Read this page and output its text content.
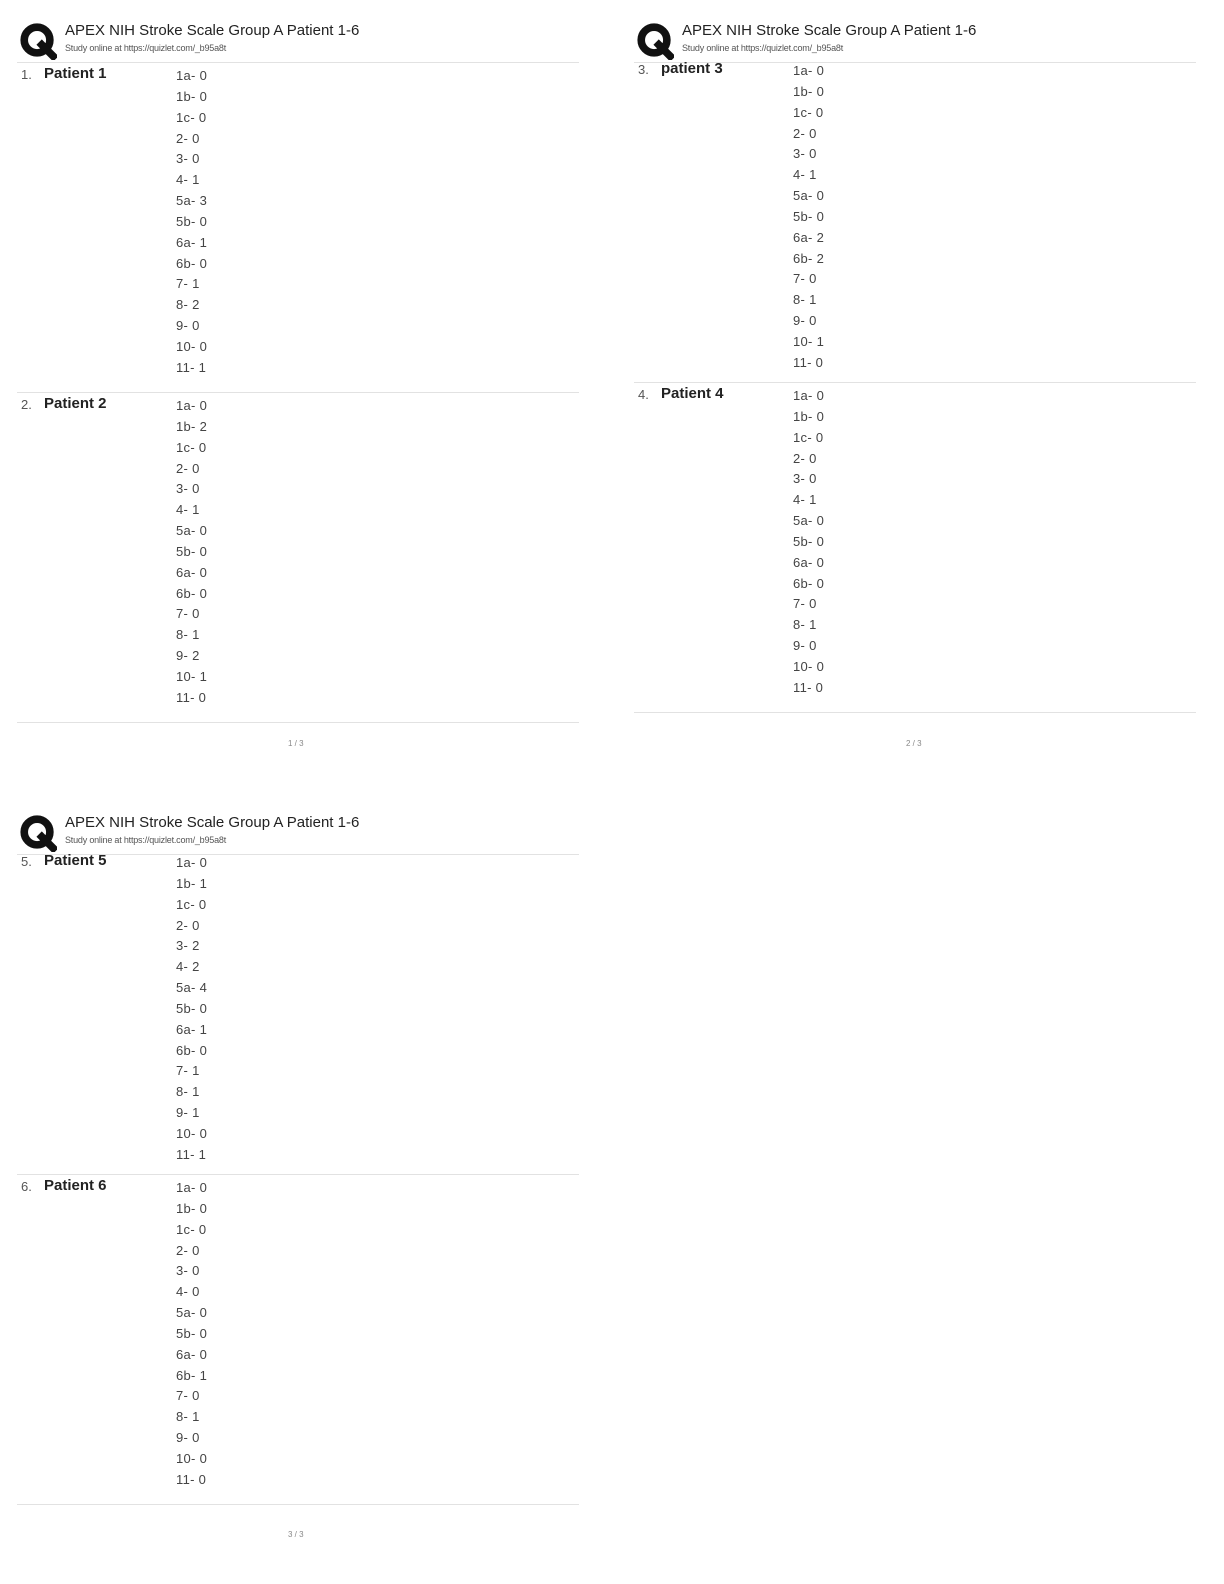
APEX NIH Stroke Scale Group A Patient 1-6
Study online at https://quizlet.com/_b95a8t
1. Patient 1	1a- 0
1b- 0
1c- 0
2- 0
3- 0
4- 1
5a- 3
5b- 0
6a- 1
6b- 0
7- 1
8- 2
9- 0
10- 0
11- 1
2. Patient 2	1a- 0
1b- 2
1c- 0
2- 0
3- 0
4- 1
5a- 0
5b- 0
6a- 0
6b- 0
7- 0
8- 1
9- 2
10- 1
11- 0
1 / 3
APEX NIH Stroke Scale Group A Patient 1-6
Study online at https://quizlet.com/_b95a8t
3. patient 3	1a- 0
1b- 0
1c- 0
2- 0
3- 0
4- 1
5a- 0
5b- 0
6a- 2
6b- 2
7- 0
8- 1
9- 0
10- 1
11- 0
4. Patient 4	1a- 0
1b- 0
1c- 0
2- 0
3- 0
4- 1
5a- 0
5b- 0
6a- 0
6b- 0
7- 0
8- 1
9- 0
10- 0
11- 0
2 / 3
APEX NIH Stroke Scale Group A Patient 1-6
Study online at https://quizlet.com/_b95a8t
5. Patient 5	1a- 0
1b- 1
1c- 0
2- 0
3- 2
4- 2
5a- 4
5b- 0
6a- 1
6b- 0
7- 1
8- 1
9- 1
10- 0
11- 1
6. Patient 6	1a- 0
1b- 0
1c- 0
2- 0
3- 0
4- 0
5a- 0
5b- 0
6a- 0
6b- 1
7- 0
8- 1
9- 0
10- 0
11- 0
3 / 3
